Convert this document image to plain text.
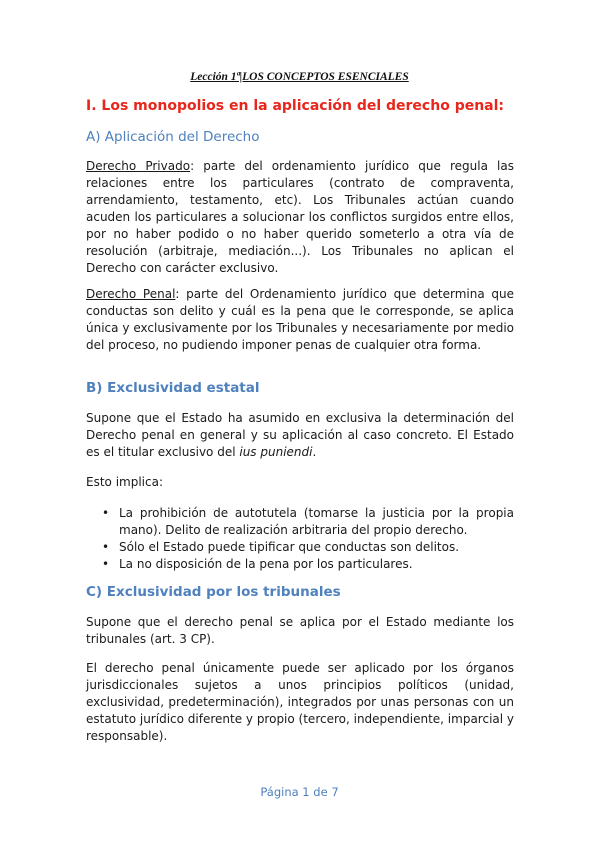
Lección 1ª|LOS CONCEPTOS ESENCIALES
I. Los monopolios en la aplicación del derecho penal:
A) Aplicación del Derecho
Derecho Privado: parte del ordenamiento jurídico que regula las relaciones entre los particulares (contrato de compraventa, arrendamiento, testamento, etc). Los Tribunales actúan cuando acuden los particulares a solucionar los conflictos surgidos entre ellos, por no haber podido o no haber querido someterlo a otra vía de resolución (arbitraje, mediación...). Los Tribunales no aplican el Derecho con carácter exclusivo.
Derecho Penal: parte del Ordenamiento jurídico que determina que conductas son delito y cuál es la pena que le corresponde, se aplica única y exclusivamente por los Tribunales y necesariamente por medio del proceso, no pudiendo imponer penas de cualquier otra forma.
B) Exclusividad estatal
Supone que el Estado ha asumido en exclusiva la determinación del Derecho penal en general y su aplicación al caso concreto. El Estado es el titular exclusivo del ius puniendi.
Esto implica:
• La prohibición de autotutela (tomarse la justicia por la propia mano). Delito de realización arbitraria del propio derecho.
• Sólo el Estado puede tipificar que conductas son delitos.
• La no disposición de la pena por los particulares.
C) Exclusividad por los tribunales
Supone que el derecho penal se aplica por el Estado mediante los tribunales (art. 3 CP).
El derecho penal únicamente puede ser aplicado por los órganos jurisdiccionales sujetos a unos principios políticos (unidad, exclusividad, predeterminación), integrados por unas personas con un estatuto jurídico diferente y propio (tercero, independiente, imparcial y responsable).
Página 1 de 7
